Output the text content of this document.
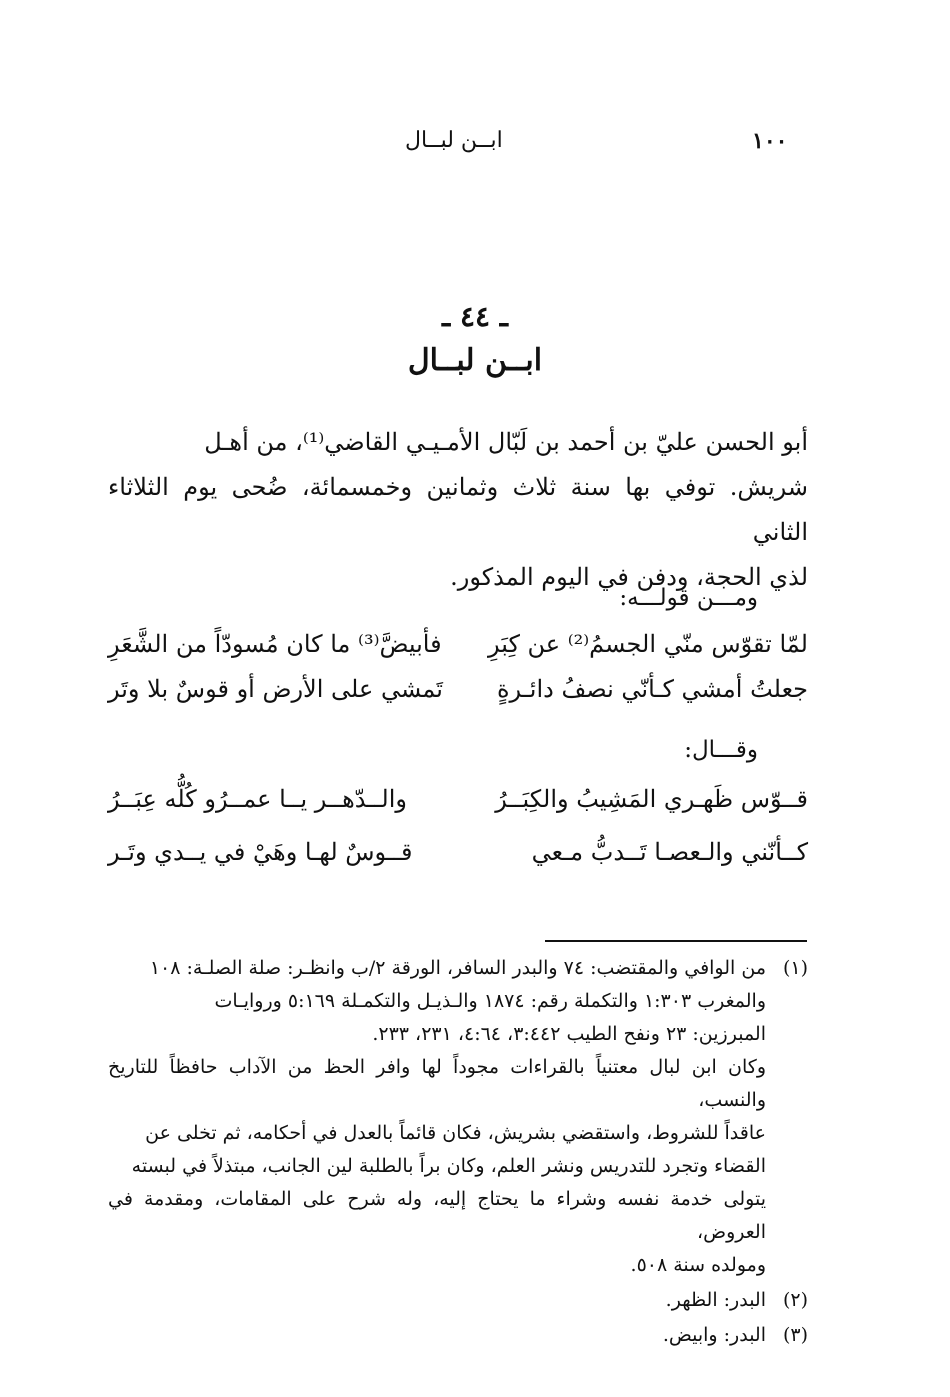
ابــن لبــال	١٠٠
ـ ٤٤ ـ
ابــن لبــال

أبو الحسن عليّ بن أحمد بن لَبّال الأمـيـي القاضي⁽¹⁾، من أهـل

شريش. توفي بها سنة ثلاث وثمانين وخمسمائة، ضُحى يوم الثلاثاء الثاني

لذي الحجة، ودفن في اليوم المذكور.

ومـــن قولـــه:
لمّا تقوّس منّي الجسمُ⁽²⁾ عن كِبَرِ
فأبيضَّ⁽³⁾ ما كان مُسودّاً من الشَّعَرِ
جعلتُ أمشي كـأنّي نصفُ دائـرةٍ
تَمشي على الأرض أو قوسٌ بلا وتَر
وقـــال:
قــوّس ظَهـري المَشِيبُ والكِبَــرُ
والــدّهــر يــا عمــرُو كُلُّه عِبَــرُ
كــأنّني والـعصـا تَــدبُّ مـعي
قــوسٌ لهـا وهَيْ في يــدي وتَـر
(١)
من الوافي والمقتضب: ٧٤ والبدر السافر، الورقة ٢/ب وانظـر: صلة الصلـة: ١٠٨
والمغرب ١:٣٠٣ والتكملة رقم: ١٨٧٤ والـذيـل والتكمـلة ٥:١٦٩ وروايـات
المبرزين: ٢٣ ونفح الطيب ٣:٤٤٢، ٤:٦٤، ٢٣١، ٢٣٣.
وكان ابن لبال معتنياً بالقراءات مجوداً لها وافر الحظ من الآداب حافظاً للتاريخ والنسب،
عاقداً للشروط، واستقضي بشريش، فكان قائماً بالعدل في أحكامه، ثم تخلى عن
القضاء وتجرد للتدريس ونشر العلم، وكان براً بالطلبة لين الجانب، مبتذلاً في لبسته
يتولى خدمة نفسه وشراء ما يحتاج إليه، وله شرح على المقامات، ومقدمة في العروض،
ومولده سنة ٥٠٨.
(٢)
البدر: الظهر.
(٣)
البدر: وابيض.
